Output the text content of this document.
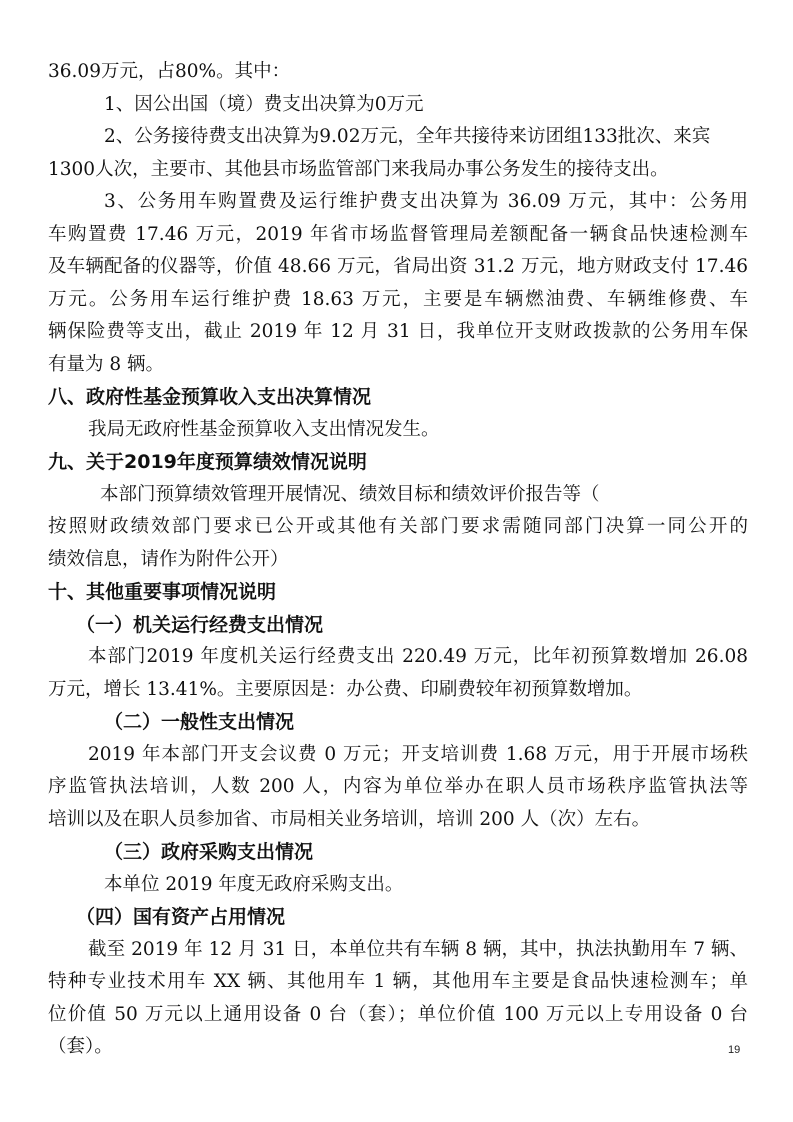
36.09万元，占80%。其中：
1、因公出国（境）费支出决算为0万元
2、公务接待费支出决算为9.02万元，全年共接待来访团组133批次、来宾
1300人次，主要市、其他县市场监管部门来我局办事公务发生的接待支出。
3、公务用车购置费及运行维护费支出决算为 36.09 万元，其中：公务用
车购置费 17.46 万元，2019 年省市场监督管理局差额配备一辆食品快速检测车
及车辆配备的仪器等，价值 48.66 万元，省局出资 31.2 万元，地方财政支付 17.46
万元。公务用车运行维护费 18.63 万元，主要是车辆燃油费、车辆维修费、车
辆保险费等支出，截止 2019 年 12 月 31 日，我单位开支财政拨款的公务用车保
有量为 8 辆。
八、政府性基金预算收入支出决算情况
我局无政府性基金预算收入支出情况发生。
九、关于2019年度预算绩效情况说明
本部门预算绩效管理开展情况、绩效目标和绩效评价报告等（
按照财政绩效部门要求已公开或其他有关部门要求需随同部门决算一同公开的
绩效信息，请作为附件公开）
十、其他重要事项情况说明
（一）机关运行经费支出情况
本部门2019 年度机关运行经费支出 220.49 万元，比年初预算数增加 26.08
万元，增长 13.41%。主要原因是：办公费、印刷费较年初预算数增加。
（二）一般性支出情况
2019 年本部门开支会议费 0 万元；开支培训费 1.68 万元，用于开展市场秩
序监管执法培训，人数 200 人，内容为单位举办在职人员市场秩序监管执法等
培训以及在职人员参加省、市局相关业务培训，培训 200 人（次）左右。
（三）政府采购支出情况
本单位 2019 年度无政府采购支出。
（四）国有资产占用情况
截至 2019 年 12 月 31 日，本单位共有车辆 8 辆，其中，执法执勤用车 7 辆、
特种专业技术用车 XX 辆、其他用车 1 辆，其他用车主要是食品快速检测车；单
位价值 50 万元以上通用设备 0 台（套）；单位价值 100 万元以上专用设备 0 台
（套）。	19
